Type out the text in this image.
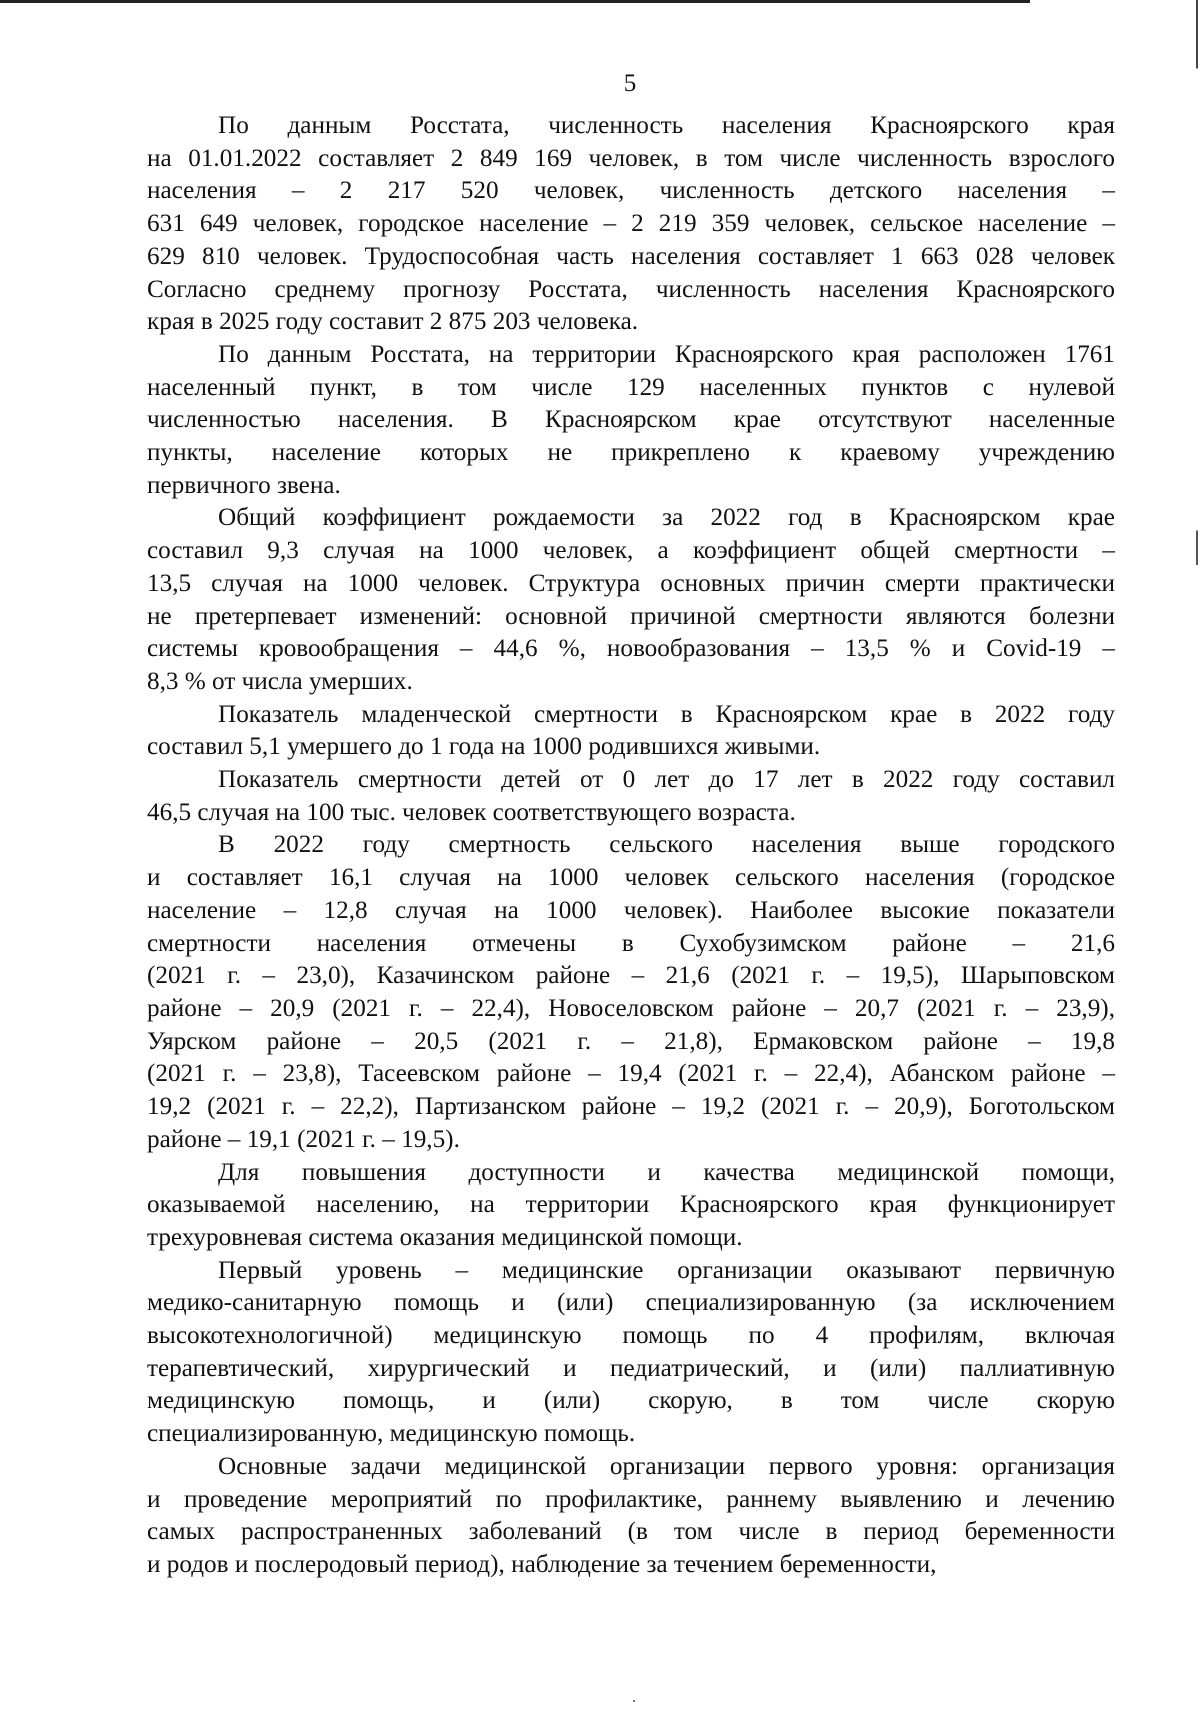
5
По данным Росстата, численность населения Красноярского края
на 01.01.2022 составляет 2 849 169 человек, в том числе численность взрослого
населения – 2 217 520 человек, численность детского населения –
631 649 человек, городское население – 2 219 359 человек, сельское население –
629 810 человек. Трудоспособная часть населения составляет 1 663 028 человек
Согласно среднему прогнозу Росстата, численность населения Красноярского
края в 2025 году составит 2 875 203 человека.
По данным Росстата, на территории Красноярского края расположен 1761
населенный пункт, в том числе 129 населенных пунктов с нулевой
численностью населения. В Красноярском крае отсутствуют населенные
пункты, население которых не прикреплено к краевому учреждению
первичного звена.
Общий коэффициент рождаемости за 2022 год в Красноярском крае
составил 9,3 случая на 1000 человек, а коэффициент общей смертности –
13,5 случая на 1000 человек. Структура основных причин смерти практически
не претерпевает изменений: основной причиной смертности являются болезни
системы кровообращения – 44,6 %, новообразования – 13,5 % и Covid-19 –
8,3 % от числа умерших.
Показатель младенческой смертности в Красноярском крае в 2022 году
составил 5,1 умершего до 1 года на 1000 родившихся живыми.
Показатель смертности детей от 0 лет до 17 лет в 2022 году составил
46,5 случая на 100 тыс. человек соответствующего возраста.
В 2022 году смертность сельского населения выше городского
и составляет 16,1 случая на 1000 человек сельского населения (городское
население – 12,8 случая на 1000 человек). Наиболее высокие показатели
смертности населения отмечены в Сухобузимском районе – 21,6
(2021 г. – 23,0), Казачинском районе – 21,6 (2021 г. – 19,5), Шарыповском
районе – 20,9 (2021 г. – 22,4), Новоселовском районе – 20,7 (2021 г. – 23,9),
Уярском районе – 20,5 (2021 г. – 21,8), Ермаковском районе – 19,8
(2021 г. – 23,8), Тасеевском районе – 19,4 (2021 г. – 22,4), Абанском районе –
19,2 (2021 г. – 22,2), Партизанском районе – 19,2 (2021 г. – 20,9), Боготольском
районе – 19,1 (2021 г. – 19,5).
Для повышения доступности и качества медицинской помощи,
оказываемой населению, на территории Красноярского края функционирует
трехуровневая система оказания медицинской помощи.
Первый уровень – медицинские организации оказывают первичную
медико-санитарную помощь и (или) специализированную (за исключением
высокотехнологичной) медицинскую помощь по 4 профилям, включая
терапевтический, хирургический и педиатрический, и (или) паллиативную
медицинскую помощь, и (или) скорую, в том числе скорую
специализированную, медицинскую помощь.
Основные задачи медицинской организации первого уровня: организация
и проведение мероприятий по профилактике, раннему выявлению и лечению
самых распространенных заболеваний (в том числе в период беременности
и родов и послеродовый период), наблюдение за течением беременности,
